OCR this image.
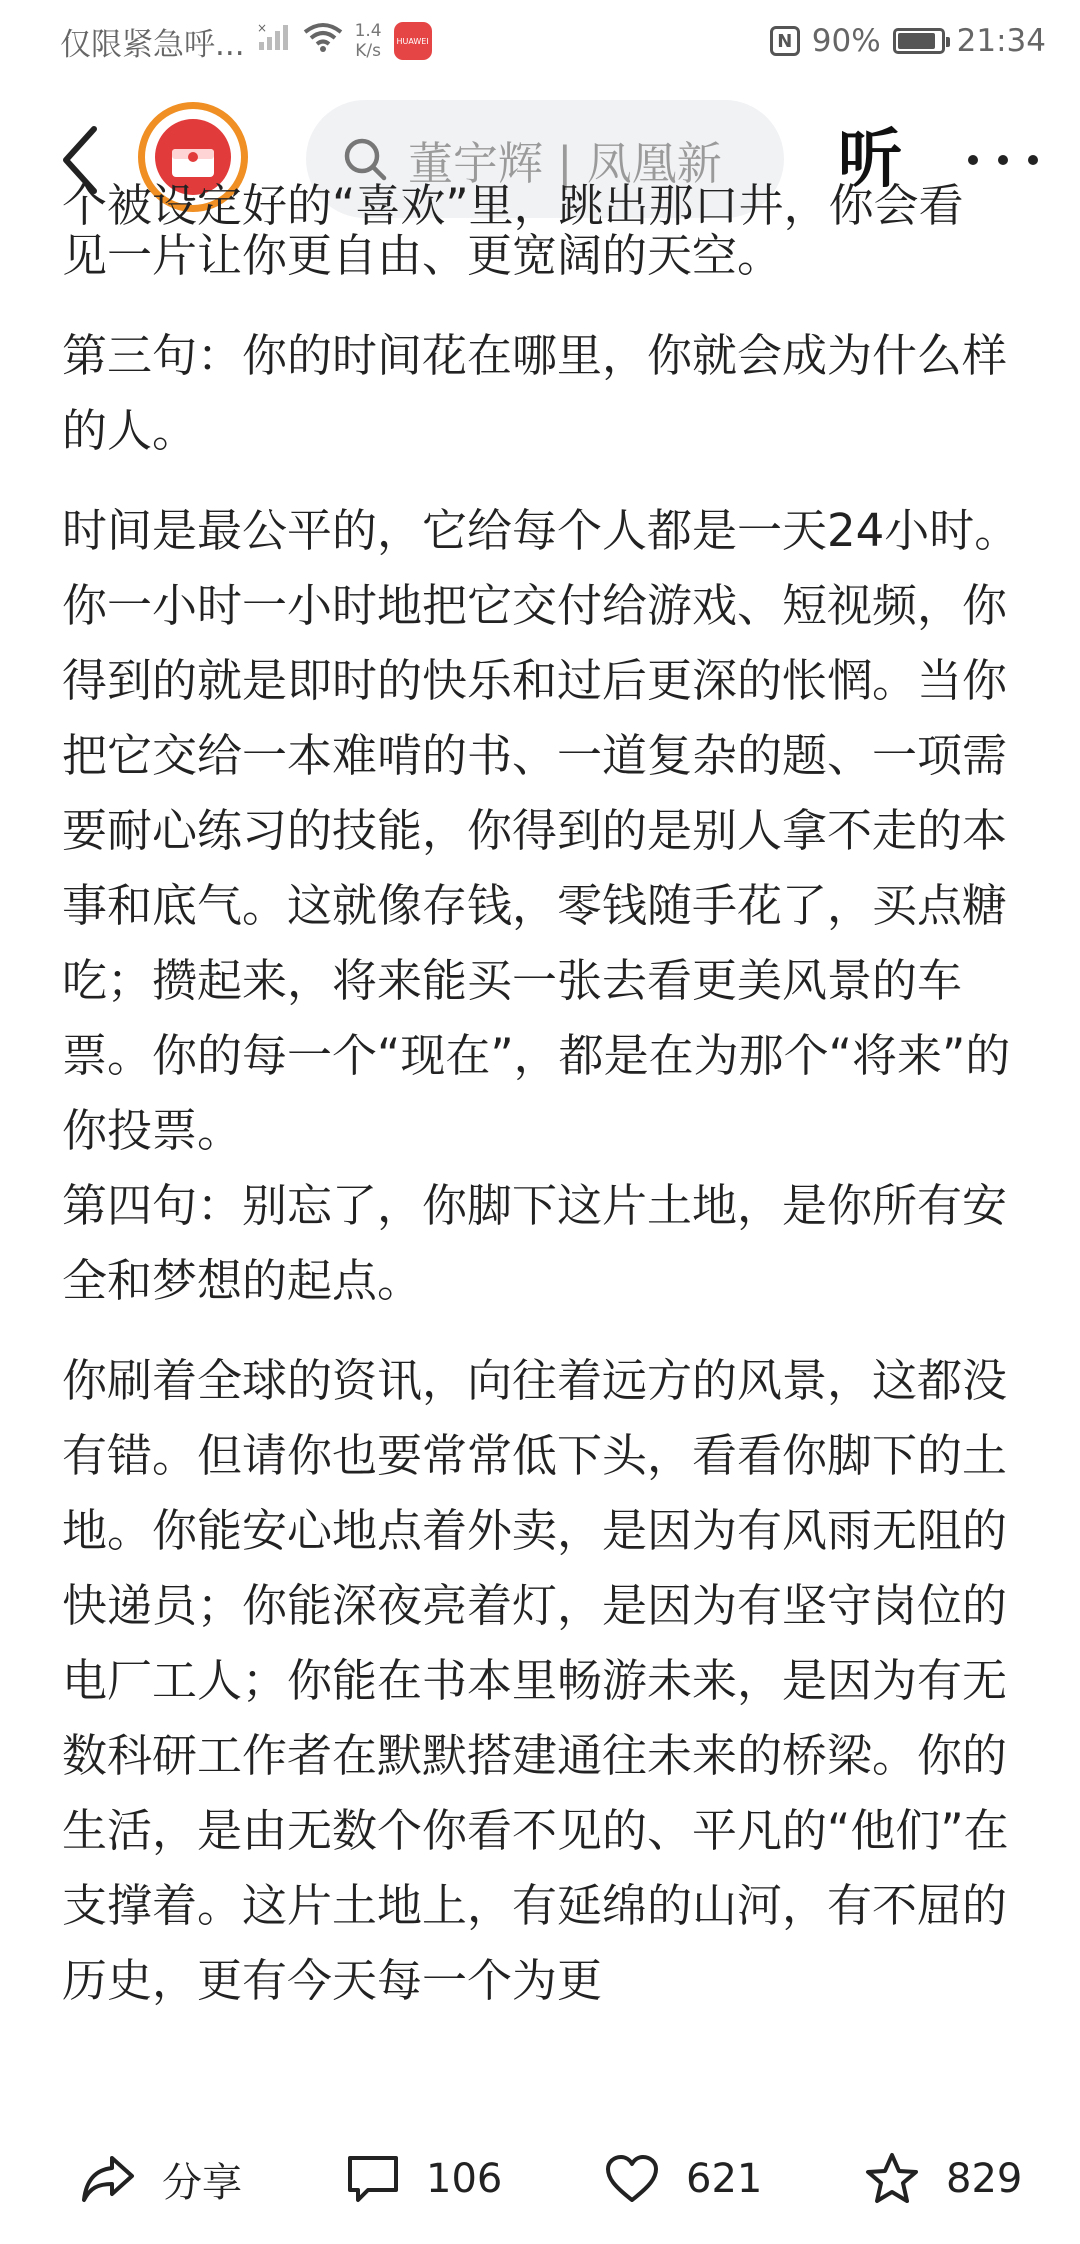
仅限紧急呼... ×	1.4
K/s HUAWEI	N 90% 21:34
董宇辉 | 凤凰新 听

个被设定好的“喜欢”里，跳出那口井，你会看

见一片让你更自由、更宽阔的天空。

第三句：你的时间花在哪里，你就会成为什么样的人。

时间是最公平的，它给每个人都是一天24小时。你一小时一小时地把它交付给游戏、短视频，你得到的就是即时的快乐和过后更深的怅惘。当你把它交给一本难啃的书、一道复杂的题、一项需要耐心练习的技能，你得到的是别人拿不走的本事和底气。这就像存钱，零钱随手花了，买点糖吃；攒起来，将来能买一张去看更美风景的车票。你的每一个“现在”，都是在为那个“将来”的你投票。

第四句：别忘了，你脚下这片土地，是你所有安全和梦想的起点。

你刷着全球的资讯，向往着远方的风景，这都没有错。但请你也要常常低下头，看看你脚下的土地。你能安心地点着外卖，是因为有风雨无阻的快递员；你能深夜亮着灯，是因为有坚守岗位的电厂工人；你能在书本里畅游未来，是因为有无数科研工作者在默默搭建通往未来的桥梁。你的生活，是由无数个你看不见的、平凡的“他们”在支撑着。这片土地上，有延绵的山河，有不屈的历史，更有今天每一个为更

分享	106	621	829
